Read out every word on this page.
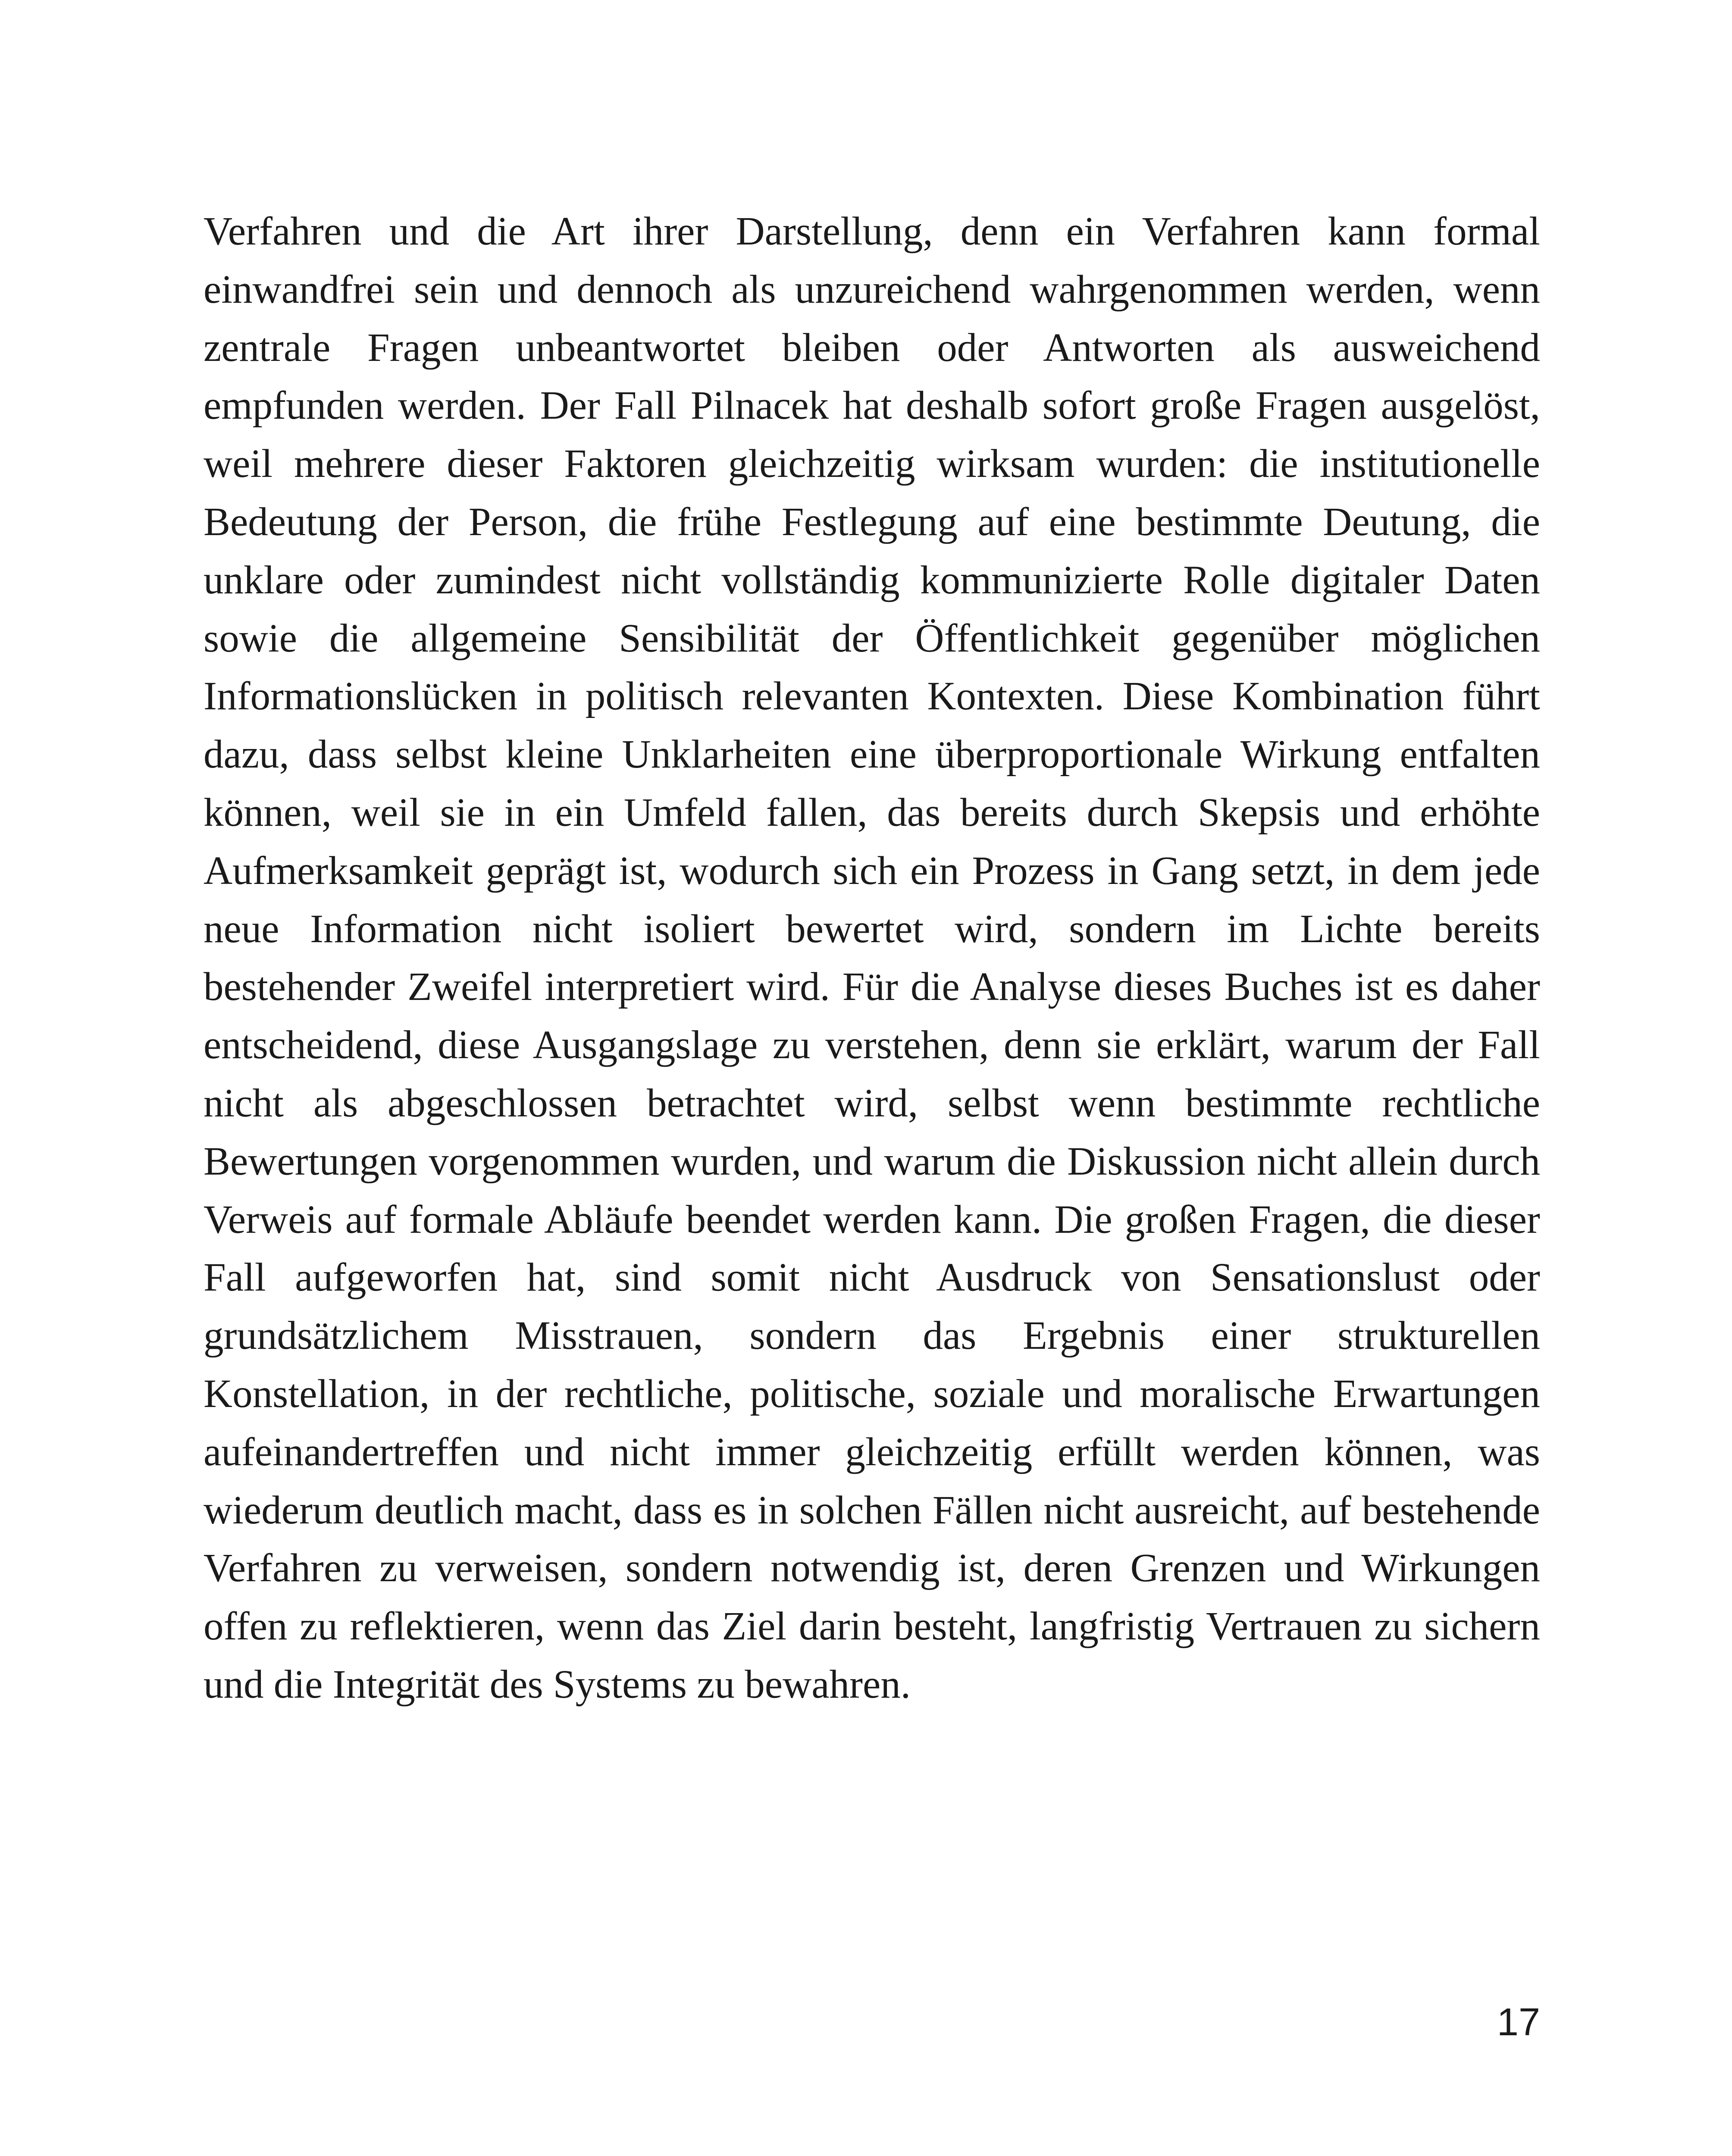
Verfahren und die Art ihrer Darstellung, denn ein Verfahren kann formal einwandfrei sein und dennoch als unzureichend wahrgenommen werden, wenn zentrale Fragen unbeantwortet bleiben oder Antworten als ausweichend empfunden werden. Der Fall Pilnacek hat deshalb sofort große Fragen ausgelöst, weil mehrere dieser Faktoren gleichzeitig wirksam wurden: die institutionelle Bedeutung der Person, die frühe Festlegung auf eine bestimmte Deutung, die unklare oder zumindest nicht vollständig kommunizierte Rolle digitaler Daten sowie die allgemeine Sensibilität der Öffentlichkeit gegenüber möglichen Informationslücken in politisch relevanten Kontexten. Diese Kombination führt dazu, dass selbst kleine Unklarheiten eine überproportionale Wirkung entfalten können, weil sie in ein Umfeld fallen, das bereits durch Skepsis und erhöhte Aufmerksamkeit geprägt ist, wodurch sich ein Prozess in Gang setzt, in dem jede neue Information nicht isoliert bewertet wird, sondern im Lichte bereits bestehender Zweifel interpretiert wird. Für die Analyse dieses Buches ist es daher entscheidend, diese Ausgangslage zu verstehen, denn sie erklärt, warum der Fall nicht als abgeschlossen betrachtet wird, selbst wenn bestimmte rechtliche Bewertungen vorgenommen wurden, und warum die Diskussion nicht allein durch Verweis auf formale Abläufe beendet werden kann. Die großen Fragen, die dieser Fall aufgeworfen hat, sind somit nicht Ausdruck von Sensationslust oder grundsätzlichem Misstrauen, sondern das Ergebnis einer strukturellen Konstellation, in der rechtliche, politische, soziale und moralische Erwartungen aufeinandertreffen und nicht immer gleichzeitig erfüllt werden können, was wiederum deutlich macht, dass es in solchen Fällen nicht ausreicht, auf bestehende Verfahren zu verweisen, sondern notwendig ist, deren Grenzen und Wirkungen offen zu reflektieren, wenn das Ziel darin besteht, langfristig Vertrauen zu sichern und die Integrität des Systems zu bewahren.

17
